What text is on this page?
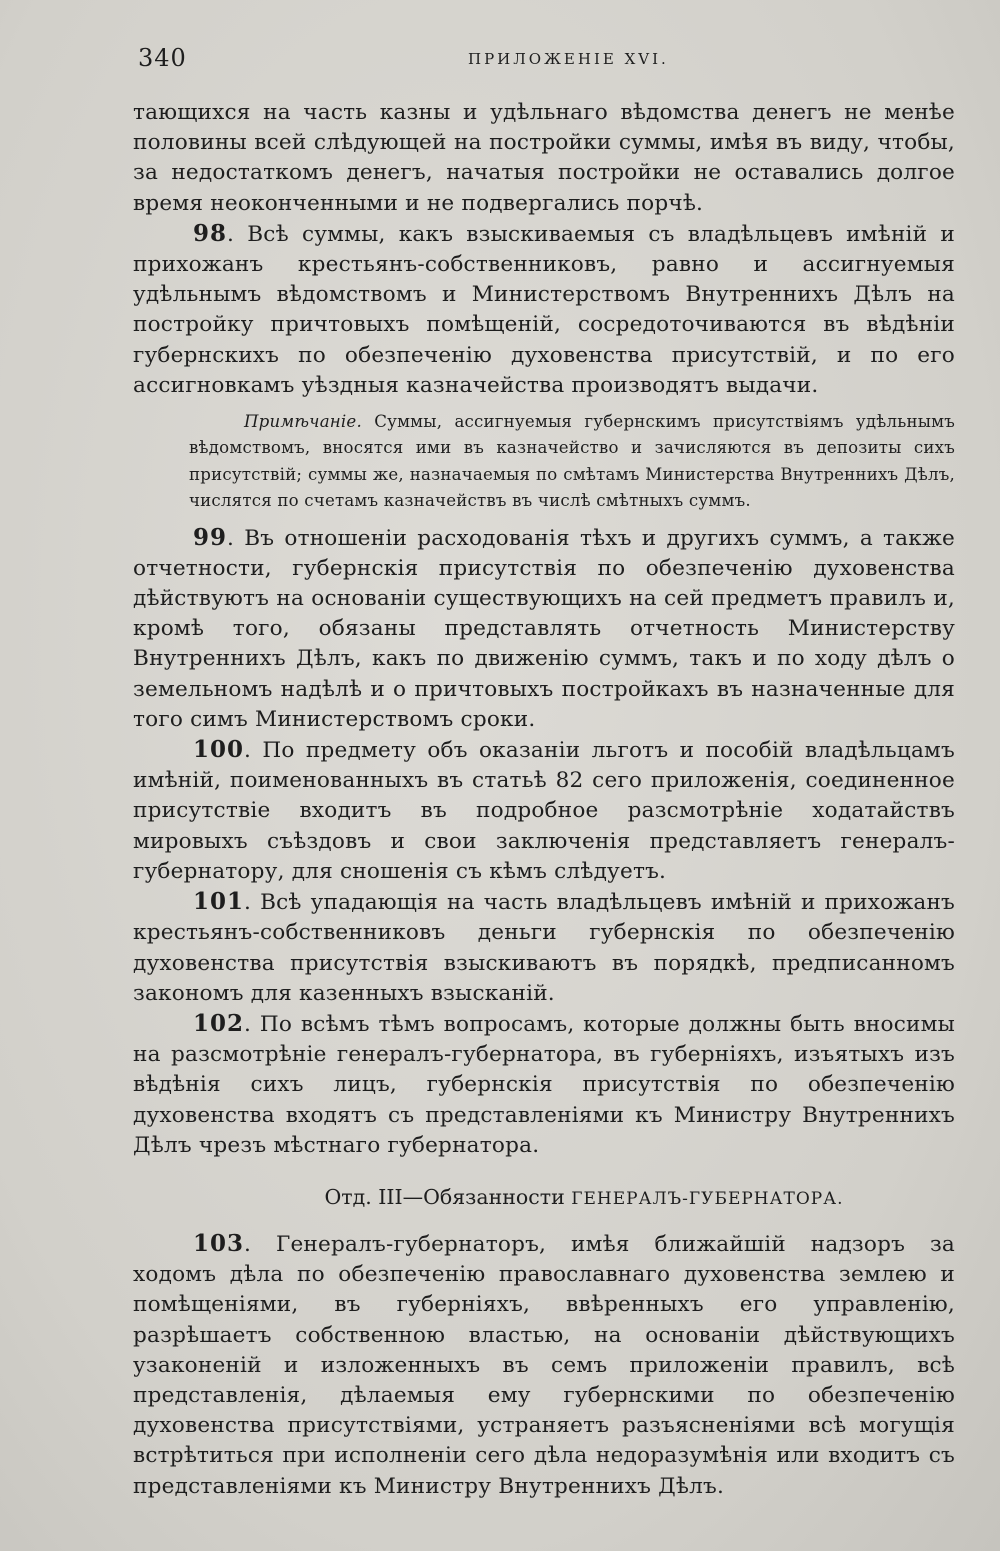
340	ПРИЛОЖЕНІЕ XVI.

тающихся на часть казны и удѣльнаго вѣдомства денегъ не менѣе половины всей слѣдующей на постройки суммы, имѣя въ виду, чтобы, за недостаткомъ денегъ, начатыя постройки не оставались долгое время неоконченными и не подвергались порчѣ.

98. Всѣ суммы, какъ взыскиваемыя съ владѣльцевъ имѣній и прихожанъ крестьянъ-собственниковъ, равно и ассигнуемыя удѣльнымъ вѣдомствомъ и Министерствомъ Внутреннихъ Дѣлъ на постройку причтовыхъ помѣщеній, сосредоточиваются въ вѣдѣніи губернскихъ по обезпеченію духовенства присутствій, и по его ассигновкамъ уѣздныя казначейства производятъ выдачи.

Примѣчаніе. Суммы, ассигнуемыя губернскимъ присутствіямъ удѣльнымъ вѣдомствомъ, вносятся ими въ казначейство и зачисляются въ депозиты сихъ присутствій; суммы же, назначаемыя по смѣтамъ Министерства Внутреннихъ Дѣлъ, числятся по счетамъ казначействъ въ числѣ смѣтныхъ суммъ.

99. Въ отношеніи расходованія тѣхъ и другихъ суммъ, а также отчетности, губернскія присутствія по обезпеченію духовенства дѣйствуютъ на основаніи существующихъ на сей предметъ правилъ и, кромѣ того, обязаны представлять отчетность Министерству Внутреннихъ Дѣлъ, какъ по движенію суммъ, такъ и по ходу дѣлъ о земельномъ надѣлѣ и о причтовыхъ постройкахъ въ назначенные для того симъ Министерствомъ сроки.

100. По предмету объ оказаніи льготъ и пособій владѣльцамъ имѣній, поименованныхъ въ статьѣ 82 сего приложенія, соединенное присутствіе входитъ въ подробное разсмотрѣніе ходатайствъ мировыхъ съѣздовъ и свои заключенія представляетъ генералъ-губернатору, для сношенія съ кѣмъ слѣдуетъ.

101. Всѣ упадающія на часть владѣльцевъ имѣній и прихожанъ крестьянъ-собственниковъ деньги губернскія по обезпеченію духовенства присутствія взыскиваютъ въ порядкѣ, предписанномъ закономъ для казенныхъ взысканій.

102. По всѣмъ тѣмъ вопросамъ, которые должны быть вносимы на разсмотрѣніе генералъ-губернатора, въ губерніяхъ, изъятыхъ изъ вѣдѣнія сихъ лицъ, губернскія присутствія по обезпеченію духовенства входятъ съ представленіями къ Министру Внутреннихъ Дѣлъ чрезъ мѣстнаго губернатора.

Отд. III—Обязанности ГЕНЕРАЛЪ-ГУБЕРНАТОРА.

103. Генералъ-губернаторъ, имѣя ближайшій надзоръ за ходомъ дѣла по обезпеченію православнаго духовенства землею и помѣщеніями, въ губерніяхъ, ввѣренныхъ его управленію, разрѣшаетъ собственною властью, на основаніи дѣйствующихъ узаконеній и изложенныхъ въ семъ приложеніи правилъ, всѣ представленія, дѣлаемыя ему губернскими по обезпеченію духовенства присутствіями, устраняетъ разъясненіями всѣ могущія встрѣтиться при исполненіи сего дѣла недоразумѣнія или входитъ съ представленіями къ Министру Внутреннихъ Дѣлъ.
